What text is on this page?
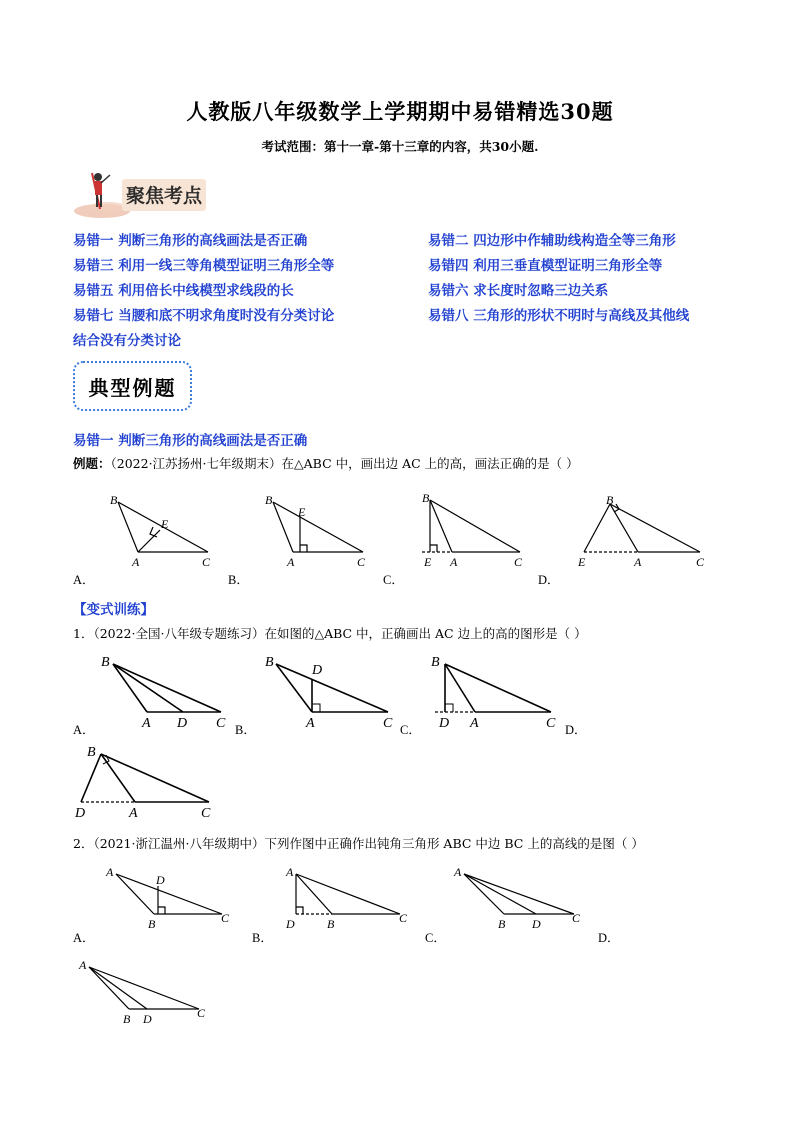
人教版八年级数学上学期期中易错精选30题
考试范围：第十一章-第十三章的内容，共30小题.
聚焦考点
易错一 判断三角形的高线画法是否正确	易错二 四边形中作辅助线构造全等三角形
易错三 利用一线三等角模型证明三角形全等	易错四 利用三垂直模型证明三角形全等
易错五 利用倍长中线模型求线段的长	易错六 求长度时忽略三边关系
易错七 当腰和底不明求角度时没有分类讨论	易错八 三角形的形状不明时与高线及其他线
结合没有分类讨论
典型例题
易错一 判断三角形的高线画法是否正确
例题：（2022·江苏扬州·七年级期末）在△ABC 中，画出边 AC 上的高，画法正确的是（ ）
B
E
A	C
A．
B
E
A	C
B．
B
E A	C
C．
B
E	A	C
D．
【变式训练】
1．（2022·全国·八年级专题练习）在如图的△ABC 中，正确画出 AC 边上的高的图形是（ ）
B
A D C
A．
B
D
A	C
B．
B
D A	C
C．	D．
B
D	A	C
2．（2021·浙江温州·八年级期中）下列作图中正确作出钝角三角形 ABC 中边 BC 上的高线的是图（ ）
A
D
B	C
A．
A
D	B	C
B．
A
B D	C
C．	D．
A
B D	C
